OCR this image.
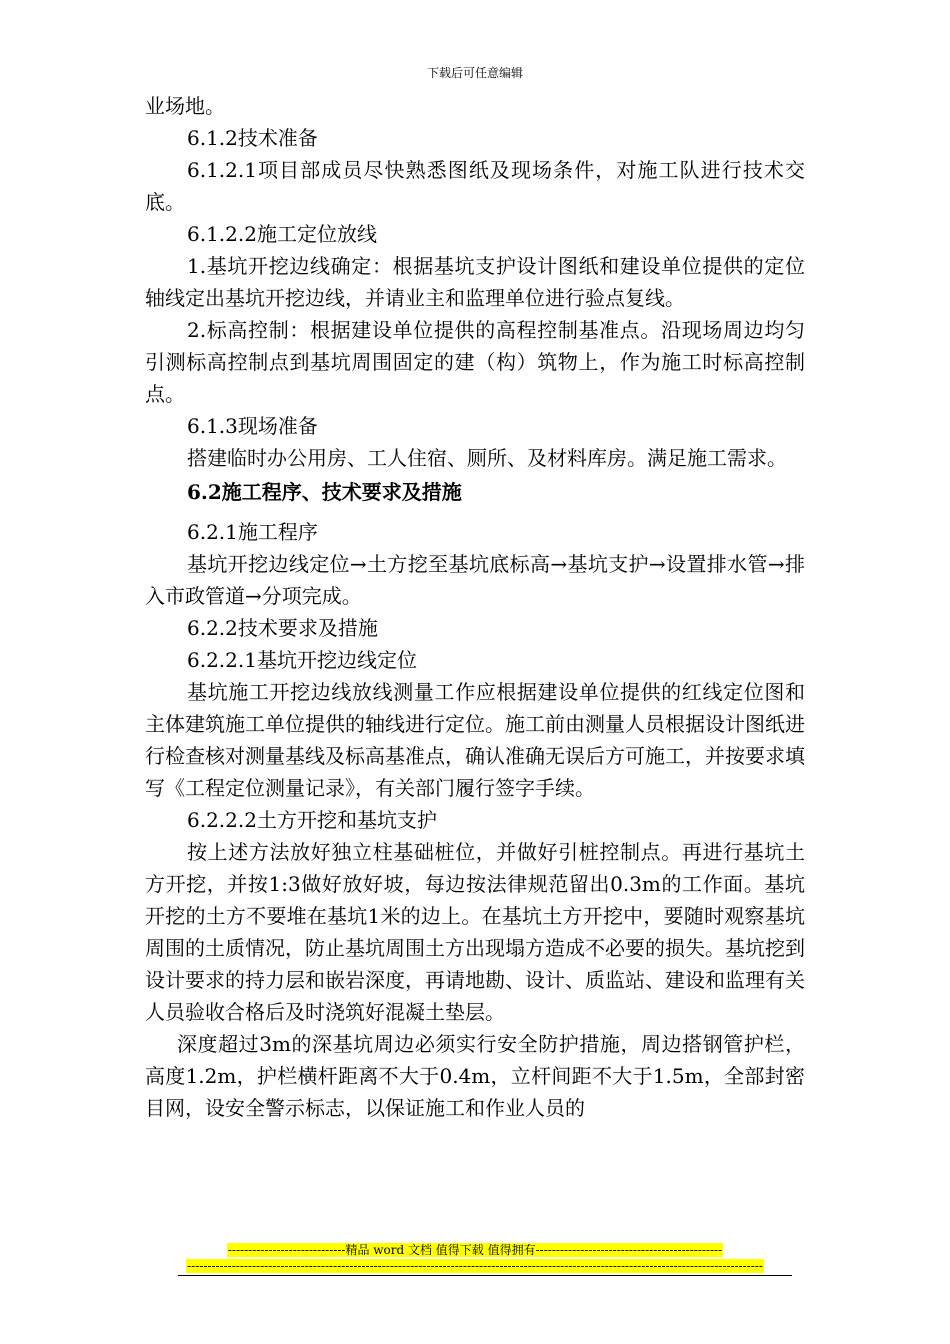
下载后可任意编辑

业场地。

6.1.2技术准备

6.1.2.1项目部成员尽快熟悉图纸及现场条件，对施工队进行技术交底。

6.1.2.2施工定位放线

1.基坑开挖边线确定：根据基坑支护设计图纸和建设单位提供的定位轴线定出基坑开挖边线，并请业主和监理单位进行验点复线。

2.标高控制：根据建设单位提供的高程控制基准点。沿现场周边均匀引测标高控制点到基坑周围固定的建（构）筑物上，作为施工时标高控制点。

6.1.3现场准备

搭建临时办公用房、工人住宿、厕所、及材料库房。满足施工需求。

6.2施工程序、技术要求及措施

6.2.1施工程序

基坑开挖边线定位→土方挖至基坑底标高→基坑支护→设置排水管→排入市政管道→分项完成。

6.2.2技术要求及措施

6.2.2.1基坑开挖边线定位

基坑施工开挖边线放线测量工作应根据建设单位提供的红线定位图和主体建筑施工单位提供的轴线进行定位。施工前由测量人员根据设计图纸进行检查核对测量基线及标高基准点，确认准确无误后方可施工，并按要求填写《工程定位测量记录》，有关部门履行签字手续。

6.2.2.2土方开挖和基坑支护

按上述方法放好独立柱基础桩位，并做好引桩控制点。再进行基坑土方开挖，并按1:3做好放好坡，每边按法律规范留出0.3m的工作面。基坑开挖的土方不要堆在基坑1米的边上。在基坑土方开挖中，要随时观察基坑周围的土质情况，防止基坑周围土方出现塌方造成不必要的损失。基坑挖到设计要求的持力层和嵌岩深度，再请地勘、设计、质监站、建设和监理有关人员验收合格后及时浇筑好混凝土垫层。

深度超过3m的深基坑周边必须实行安全防护措施，周边搭钢管护栏，高度1.2m，护栏横杆距离不大于0.4m，立杆间距不大于1.5m，全部封密目网，设安全警示标志，以保证施工和作业人员的

-----------------------------精品 word 文档 值得下载 值得拥有----------------------------------------------
----------------------------------------------------------------------------------------------------------------------------------------------
